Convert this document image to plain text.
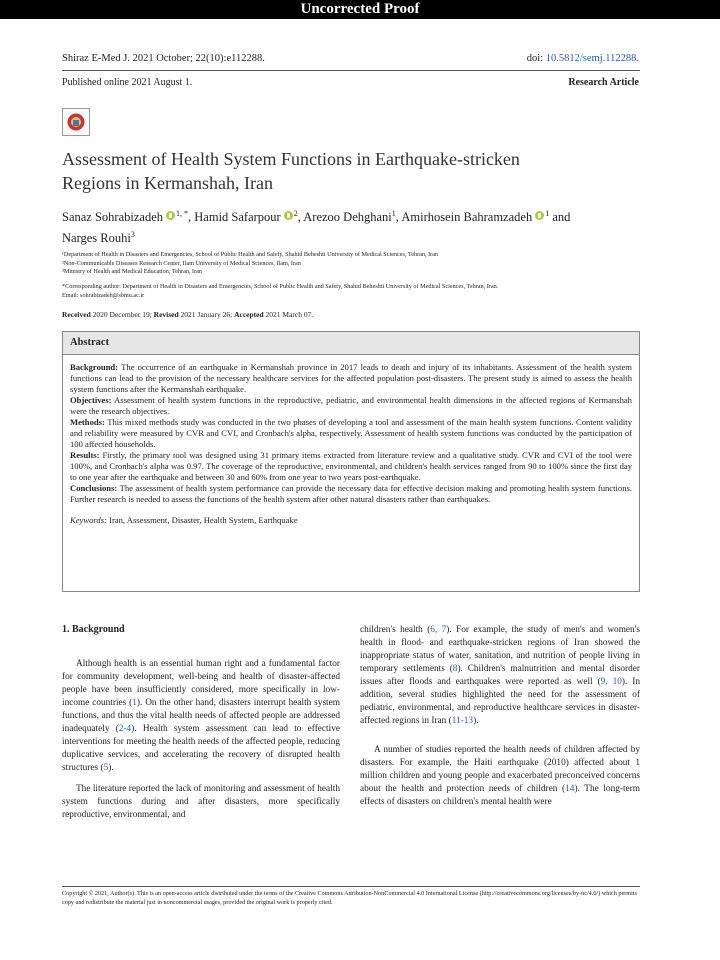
Uncorrected Proof
Shiraz E-Med J. 2021 October; 22(10):e112288.	doi: 10.5812/semj.112288.
Published online 2021 August 1.	Research Article
Assessment of Health System Functions in Earthquake-stricken
Regions in Kermanshah, Iran
Sanaz Sohrabizadeh $^{1, *}$, Hamid Safarpour $^2$, Arezoo Dehghani$^1$, Amirhosein Bahramzadeh $^1$ and
Narges Rouhi$^3$
¹Department of Health in Disasters and Emergencies, School of Public Health and Safety, Shahid Beheshti University of Medical Sciences, Tehran, Iran
²Non-Communicable Diseases Research Center, Ilam University of Medical Sciences, Ilam, Iran
³Ministry of Health and Medical Education, Tehran, Iran
*Corresponding author: Department of Health in Disasters and Emergencies, School of Public Health and Safety, Shahid Beheshti University of Medical Sciences, Tehran, Iran.
Email: sohrabizadeh@sbmu.ac.ir
Received 2020 December 19; Revised 2021 January 26; Accepted 2021 March 07.
Abstract

Background: The occurrence of an earthquake in Kermanshah province in 2017 leads to death and injury of its inhabitants. Assessment of the health system functions can lead to the provision of the necessary healthcare services for the affected population post-disasters. The present study is aimed to assess the health system functions after the Kermanshah earthquake.

Objectives: Assessment of health system functions in the reproductive, pediatric, and environmental health dimensions in the affected regions of Kermanshah were the research objectives.

Methods: This mixed methods study was conducted in the two phases of developing a tool and assessment of the main health system functions. Content validity and reliability were measured by CVR and CVI, and Cronbach's alpha, respectively. Assessment of health system functions was conducted by the participation of 100 affected households.

Results: Firstly, the primary tool was designed using 31 primary items extracted from literature review and a qualitative study. CVR and CVI of the tool were 100%, and Cronbach's alpha was 0.97. The coverage of the reproductive, environmental, and children's health services ranged from 90 to 100% since the first day to one year after the earthquake and between 30 and 60% from one year to two years post-earthquake.

Conclusions: The assessment of health system performance can provide the necessary data for effective decision making and promoting health system functions. Further research is needed to assess the functions of the health system after other natural disasters rather than earthquakes.

Keywords: Iran, Assessment, Disaster, Health System, Earthquake

1. Background

Although health is an essential human right and a fundamental factor for community development, well-being and health of disaster-affected people have been insufficiently considered, more specifically in low-income countries (1). On the other hand, disasters interrupt health system functions, and thus the vital health needs of affected people are addressed inadequately (2-4). Health system assessment can lead to effective interventions for meeting the health needs of the affected people, reducing duplicative services, and accelerating the recovery of disrupted health structures (5).

The literature reported the lack of monitoring and assessment of health system functions during and after disasters, more specifically reproductive, environmental, and

children's health (6, 7). For example, the study of men's and women's health in flood- and earthquake-stricken regions of Iran showed the inappropriate status of water, sanitation, and nutrition of people living in temporary settlements (8). Children's malnutrition and mental disorder issues after floods and earthquakes were reported as well (9, 10). In addition, several studies highlighted the need for the assessment of pediatric, environmental, and reproductive healthcare services in disaster-affected regions in Iran (11-13).

A number of studies reported the health needs of children affected by disasters. For example, the Haiti earthquake (2010) affected about 1 million children and young people and exacerbated preconceived concerns about the health and protection needs of children (14). The long-term effects of disasters on children's mental health were

Copyright © 2021, Author(s). This is an open-access article distributed under the terms of the Creative Commons Attribution-NonCommercial 4.0 International License (http://creativecommons.org/licenses/by-nc/4.0/) which permits copy and redistribute the material just in noncommercial usages, provided the original work is properly cited.
